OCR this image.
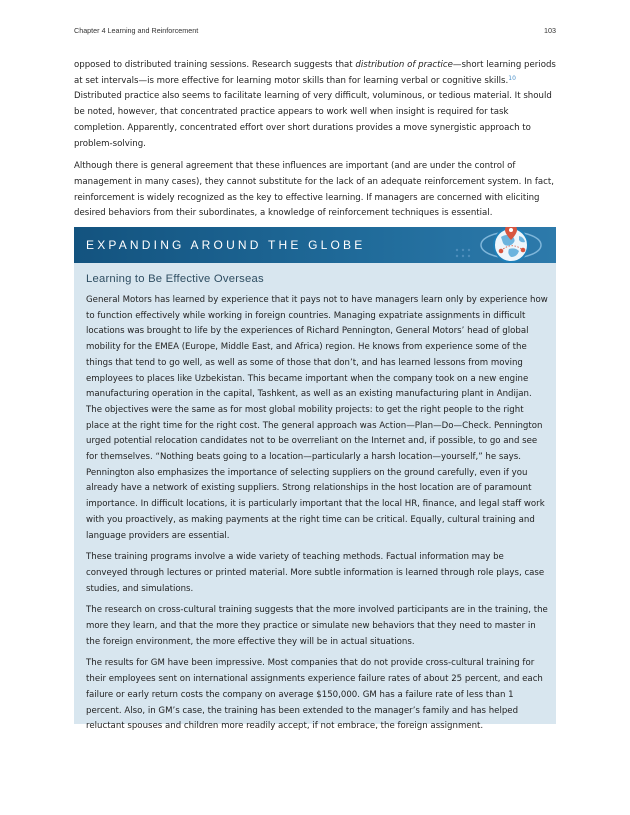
Chapter 4 Learning and Reinforcement	103

opposed to distributed training sessions. Research suggests that distribution of practice—short learning periods at set intervals—is more effective for learning motor skills than for learning verbal or cognitive skills.$^{10}$ Distributed practice also seems to facilitate learning of very difficult, voluminous, or tedious material. It should be noted, however, that concentrated practice appears to work well when insight is required for task completion. Apparently, concentrated effort over short durations provides a move synergistic approach to problem-solving.

Although there is general agreement that these influences are important (and are under the control of management in many cases), they cannot substitute for the lack of an adequate reinforcement system. In fact, reinforcement is widely recognized as the key to effective learning. If managers are concerned with eliciting desired behaviors from their subordinates, a knowledge of reinforcement techniques is essential.

EXPANDING AROUND THE GLOBE
Learning to Be Effective Overseas

General Motors has learned by experience that it pays not to have managers learn only by experience how to function effectively while working in foreign countries. Managing expatriate assignments in difficult locations was brought to life by the experiences of Richard Pennington, General Motors’ head of global mobility for the EMEA (Europe, Middle East, and Africa) region. He knows from experience some of the things that tend to go well, as well as some of those that don’t, and has learned lessons from moving employees to places like Uzbekistan. This became important when the company took on a new engine manufacturing operation in the capital, Tashkent, as well as an existing manufacturing plant in Andijan. The objectives were the same as for most global mobility projects: to get the right people to the right place at the right time for the right cost. The general approach was Action—Plan—Do—Check. Pennington urged potential relocation candidates not to be overreliant on the Internet and, if possible, to go and see for themselves. “Nothing beats going to a location—particularly a harsh location—yourself,” he says. Pennington also emphasizes the importance of selecting suppliers on the ground carefully, even if you already have a network of existing suppliers. Strong relationships in the host location are of paramount importance. In difficult locations, it is particularly important that the local HR, finance, and legal staff work with you proactively, as making payments at the right time can be critical. Equally, cultural training and language providers are essential.

These training programs involve a wide variety of teaching methods. Factual information may be conveyed through lectures or printed material. More subtle information is learned through role plays, case studies, and simulations.

The research on cross-cultural training suggests that the more involved participants are in the training, the more they learn, and that the more they practice or simulate new behaviors that they need to master in the foreign environment, the more effective they will be in actual situations.

The results for GM have been impressive. Most companies that do not provide cross-cultural training for their employees sent on international assignments experience failure rates of about 25 percent, and each failure or early return costs the company on average $150,000. GM has a failure rate of less than 1 percent. Also, in GM’s case, the training has been extended to the manager’s family and has helped reluctant spouses and children more readily accept, if not embrace, the foreign assignment.
